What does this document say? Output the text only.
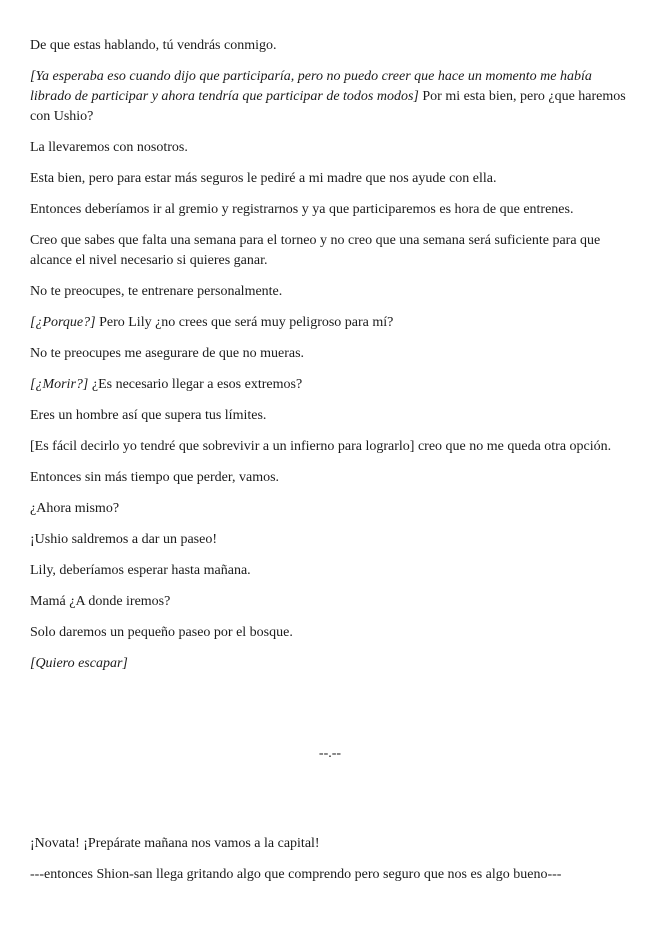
De que estas hablando, tú vendrás conmigo.

[Ya esperaba eso cuando dijo que participaría, pero no puedo creer que hace un momento me había librado de participar y ahora tendría que participar de todos modos] Por mi esta bien, pero ¿que haremos con Ushio?

La llevaremos con nosotros.

Esta bien, pero para estar más seguros le pediré a mi madre que nos ayude con ella.

Entonces deberíamos ir al gremio y registrarnos y ya que participaremos es hora de que entrenes.

Creo que sabes que falta una semana para el torneo y no creo que una semana será suficiente para que alcance el nivel necesario si quieres ganar.

No te preocupes, te entrenare personalmente.

[¿Porque?] Pero Lily ¿no crees que será muy peligroso para mí?

No te preocupes me asegurare de que no mueras.

[¿Morir?] ¿Es necesario llegar a esos extremos?

Eres un hombre así que supera tus límites.

[Es fácil decirlo yo tendré que sobrevivir a un infierno para lograrlo] creo que no me queda otra opción.

Entonces sin más tiempo que perder, vamos.

¿Ahora mismo?

¡Ushio saldremos a dar un paseo!

Lily, deberíamos esperar hasta mañana.

Mamá ¿A donde iremos?

Solo daremos un pequeño paseo por el bosque.

[Quiero escapar]

--.--

¡Novata! ¡Prepárate mañana nos vamos a la capital!

---entonces Shion-san llega gritando algo que comprendo pero seguro que nos es algo bueno---
